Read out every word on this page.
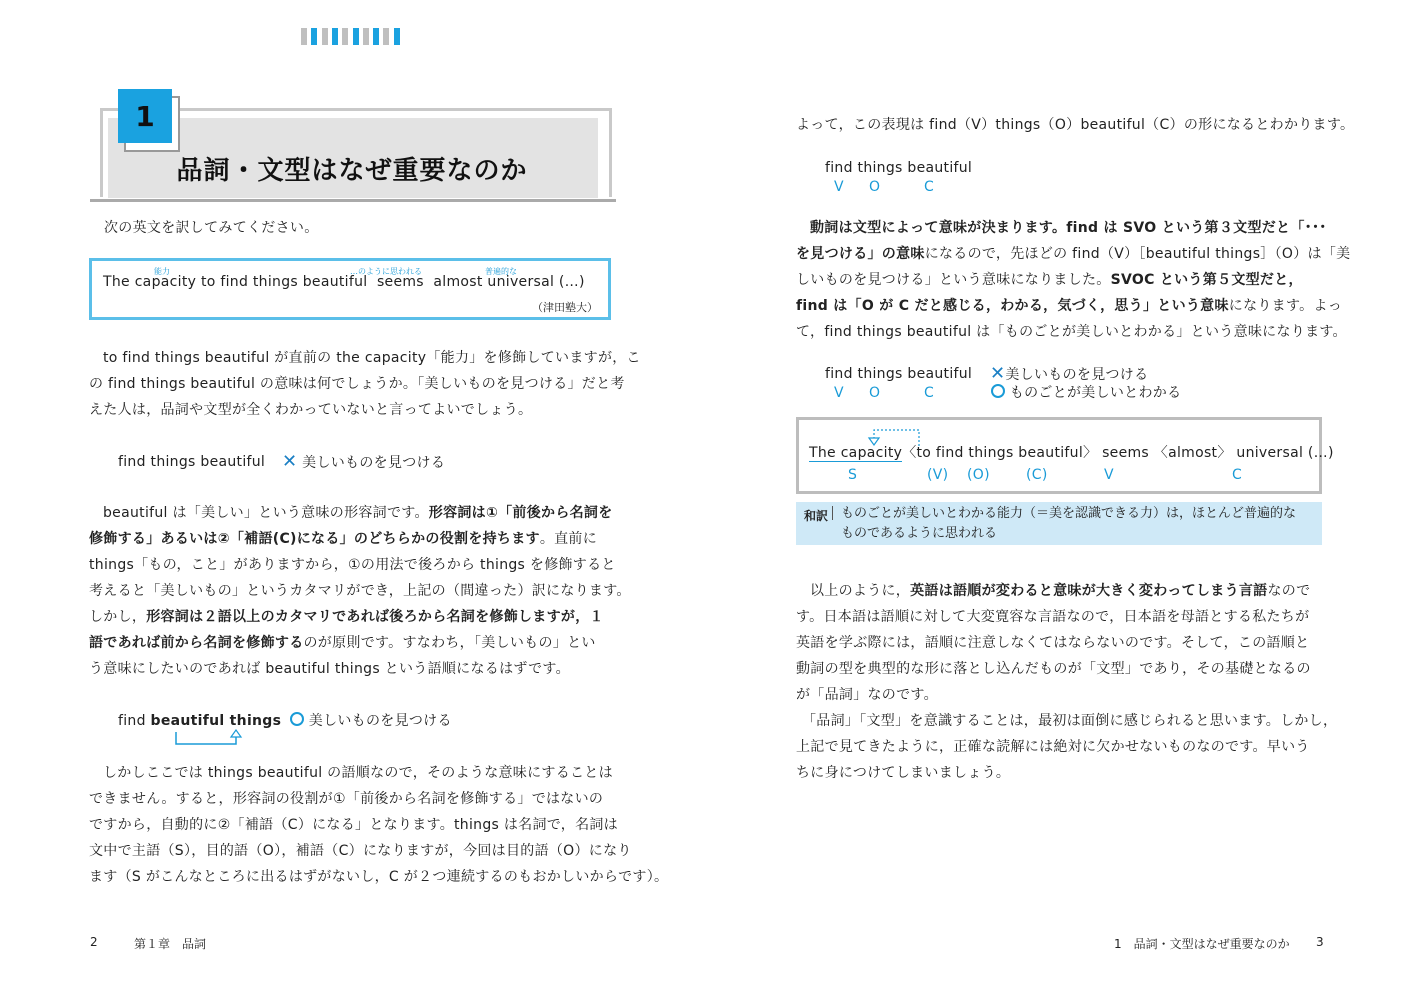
1
品詞・文型はなぜ重要なのか
次の英文を訳してみてください。
能力	…のように思われる	普遍的な
The capacity to find things beautiful  seems  almost universal (…)
（津田塾大）
to find things beautiful が直前の the capacity「能力」を修飾していますが，こ
の find things beautiful の意味は何でしょうか。「美しいものを見つける」だと考
えた人は，品詞や文型が全くわかっていないと言ってよいでしょう。
find things beautiful ✕ 美しいものを見つける
beautiful は「美しい」という意味の形容詞です。形容詞は①「前後から名詞を
修飾する」あるいは②「補語(C)になる」のどちらかの役割を持ちます。直前に
things「もの，こと」がありますから，①の用法で後ろから things を修飾すると
考えると「美しいもの」というカタマリができ，上記の（間違った）訳になります。
しかし，形容詞は２語以上のカタマリであれば後ろから名詞を修飾しますが，１
語であれば前から名詞を修飾するのが原則です。すなわち，「美しいもの」とい
う意味にしたいのであれば beautiful things という語順になるはずです。
find beautiful things	美しいものを見つける
しかしここでは things beautiful の語順なので，そのような意味にすることは
できません。すると，形容詞の役割が①「前後から名詞を修飾する」ではないの
ですから，自動的に②「補語（C）になる」となります。things は名詞で，名詞は
文中で主語（S），目的語（O），補語（C）になりますが，今回は目的語（O）になり
ます（S がこんなところに出るはずがないし，C が２つ連続するのもおかしいからです）。
2	第１章　品詞
よって，この表現は find（V）things（O）beautiful（C）の形になるとわかります。
find things beautiful
V O	C
動詞は文型によって意味が決まります。find は SVO という第３文型だと「･･･
を見つける」の意味になるので，先ほどの find（V）［beautiful things］（O）は「美
しいものを見つける」という意味になりました。SVOC という第５文型だと，
find は「O が C だと感じる，わかる，気づく，思う」という意味になります。よっ
て，find things beautiful は「ものごとが美しいとわかる」という意味になります。
find things beautiful
V O	C
✕美しいものを見つける
ものごとが美しいとわかる
The capacity〈to find things beautiful〉 seems 〈almost〉 universal (…)
S	(V) (O)	(C)	V	C
和訳 ものごとが美しいとわかる能力（＝美を認識できる力）は，ほとんど普遍的な
ものであるように思われる
以上のように，英語は語順が変わると意味が大きく変わってしまう言語なので
す。日本語は語順に対して大変寛容な言語なので，日本語を母語とする私たちが
英語を学ぶ際には，語順に注意しなくてはならないのです。そして，この語順と
動詞の型を典型的な形に落とし込んだものが「文型」であり，その基礎となるの
が「品詞」なのです。
「品詞」「文型」を意識することは，最初は面倒に感じられると思います。しかし，
上記で見てきたように，正確な読解には絶対に欠かせないものなのです。早いう
ちに身につけてしまいましょう。
1　品詞・文型はなぜ重要なのか 3
